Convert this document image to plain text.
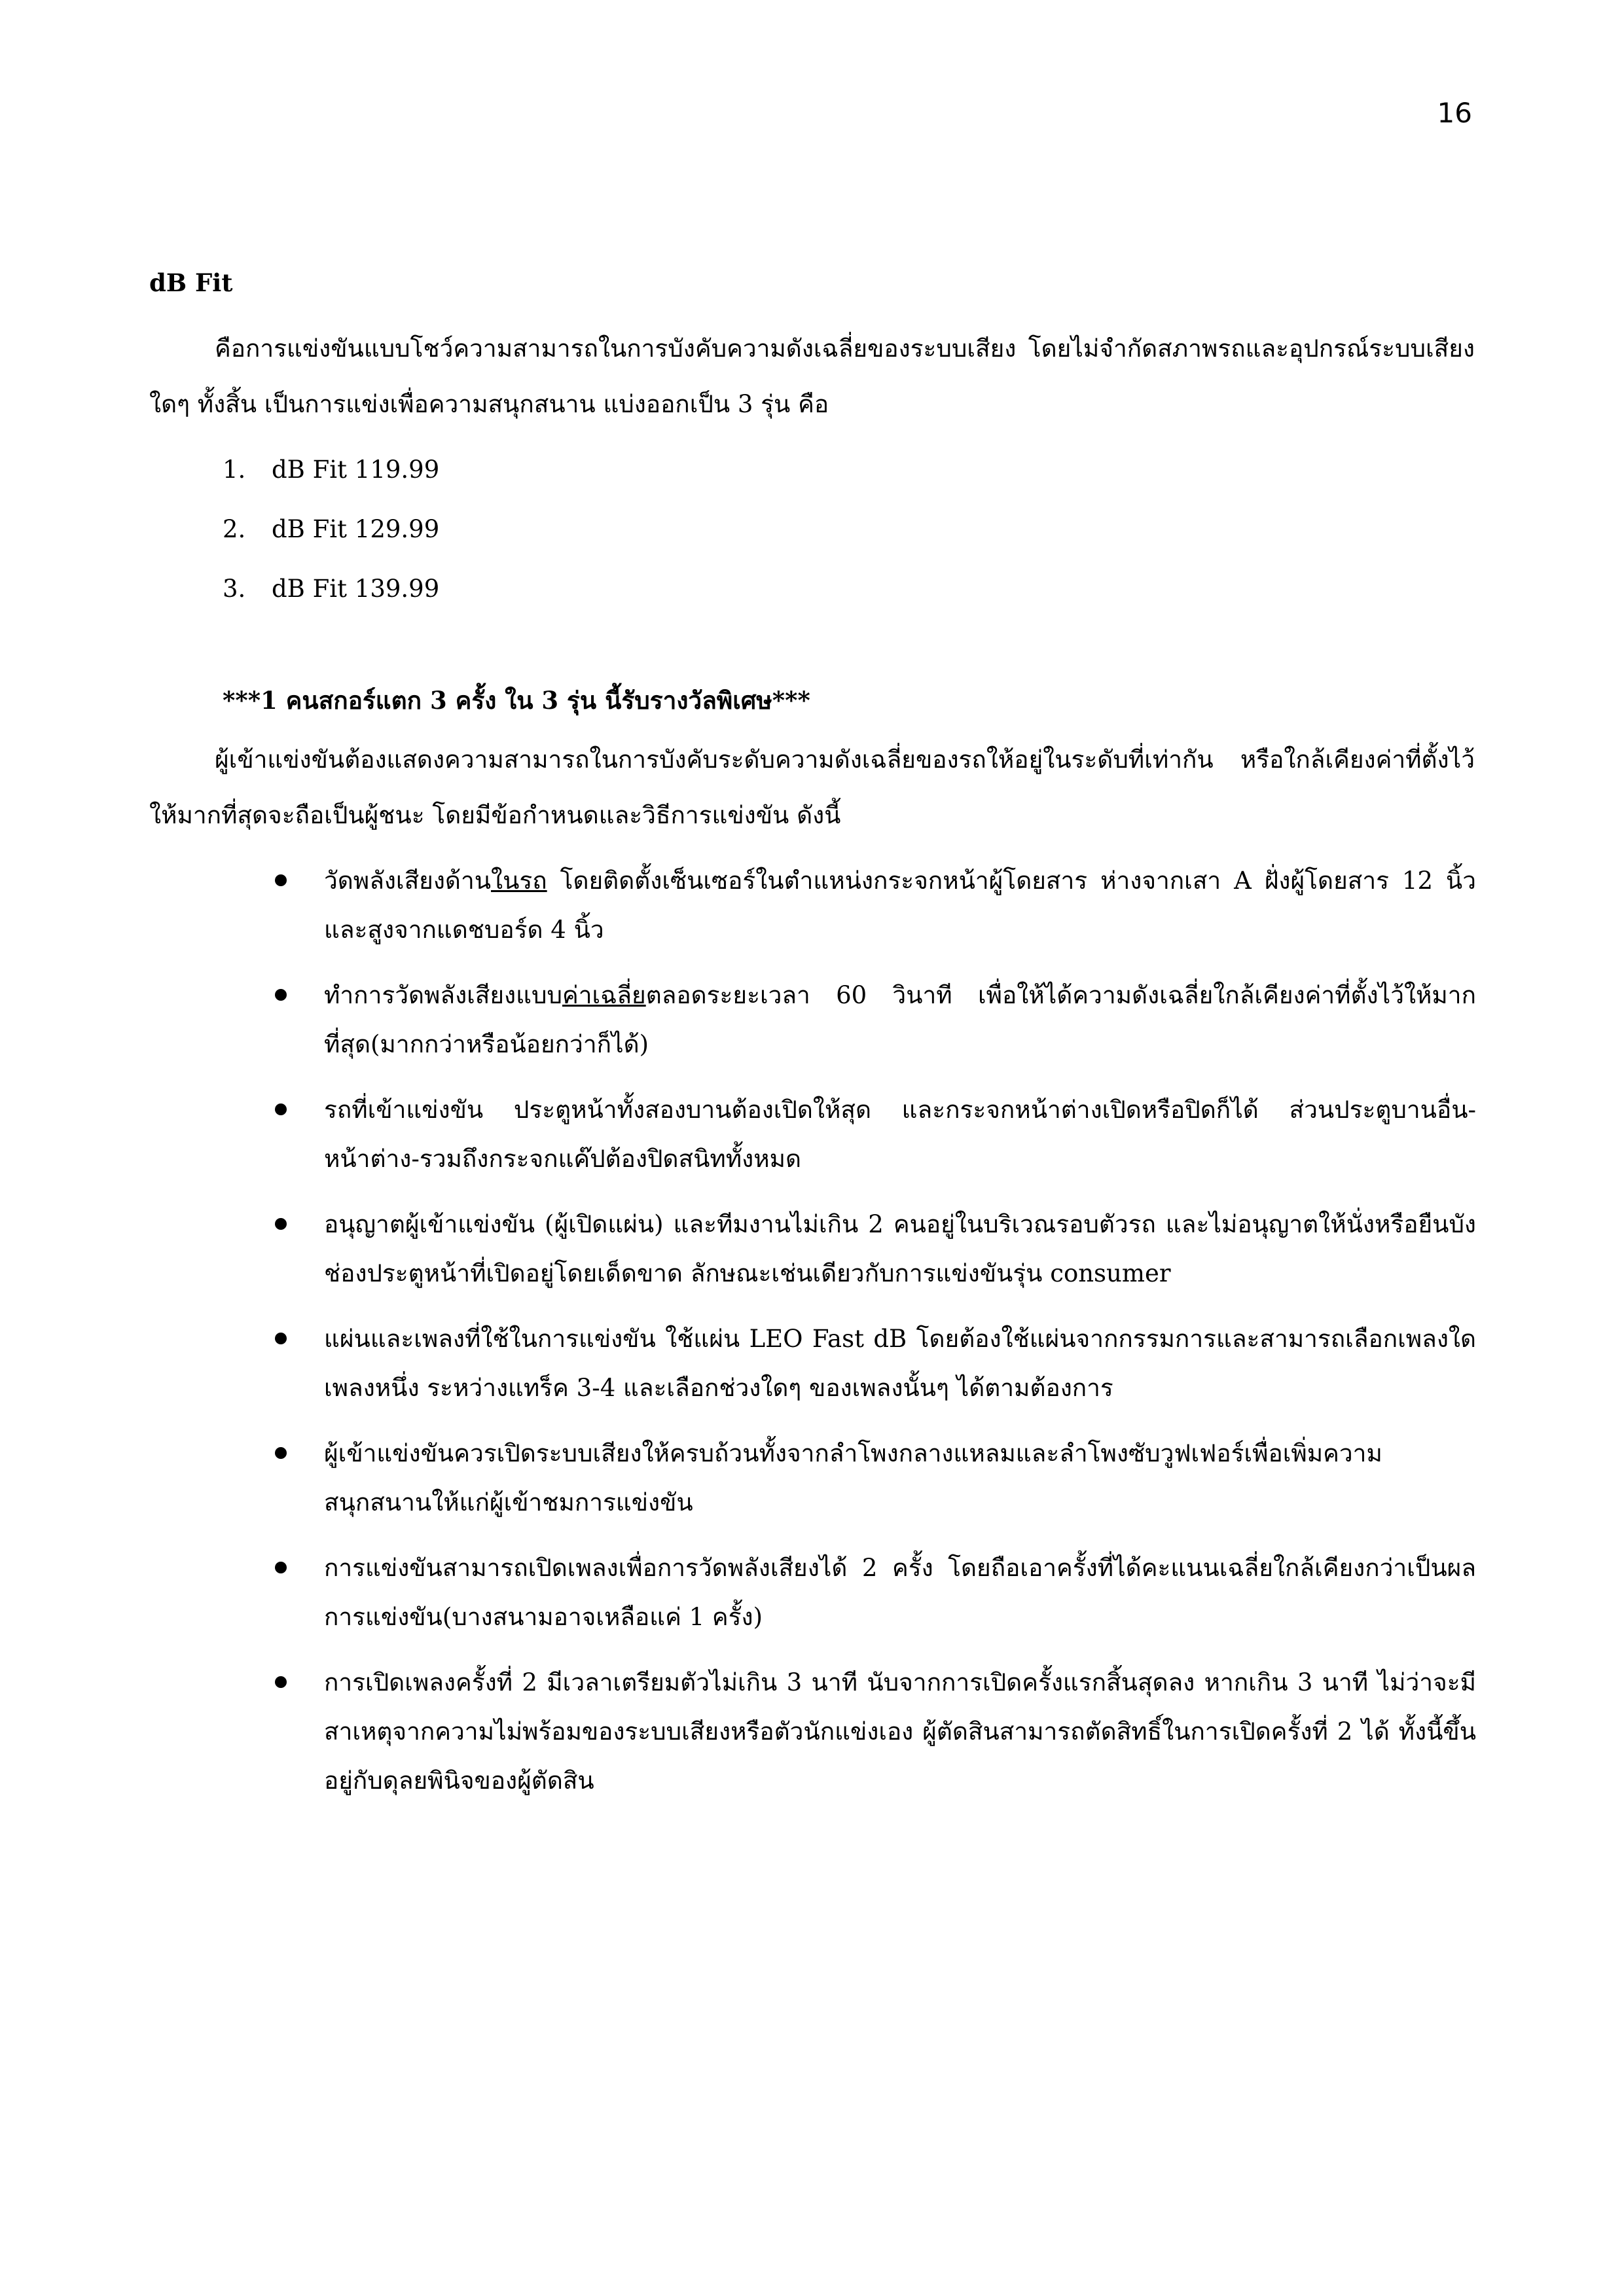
16
dB Fit

คือการแข่งขันแบบโชว์ความสามารถในการบังคับความดังเฉลี่ยของระบบเสียง โดยไม่จำกัดสภาพรถและอุปกรณ์ระบบเสียงใดๆ ทั้งสิ้น เป็นการแข่งเพื่อความสนุกสนาน แบ่งออกเป็น 3 รุ่น คือ

1.	dB Fit 119.99
2.	dB Fit 129.99
3.	dB Fit 139.99
***1 คนสกอร์แตก 3 ครั้ง ใน 3 รุ่น นี้รับรางวัลพิเศษ***

ผู้เข้าแข่งขันต้องแสดงความสามารถในการบังคับระดับความดังเฉลี่ยของรถให้อยู่ในระดับที่เท่ากัน หรือใกล้เคียงค่าที่ตั้งไว้ให้มากที่สุดจะถือเป็นผู้ชนะ โดยมีข้อกำหนดและวิธีการแข่งขัน ดังนี้

วัดพลังเสียงด้านในรถ โดยติดตั้งเซ็นเซอร์ในตำแหน่งกระจกหน้าผู้โดยสาร ห่างจากเสา A ฝั่งผู้โดยสาร 12 นิ้ว และสูงจากแดชบอร์ด 4 นิ้ว
ทำการวัดพลังเสียงแบบค่าเฉลี่ยตลอดระยะเวลา 60 วินาที เพื่อให้ได้ความดังเฉลี่ยใกล้เคียงค่าที่ตั้งไว้ให้มากที่สุด(มากกว่าหรือน้อยกว่าก็ได้)
รถที่เข้าแข่งขัน ประตูหน้าทั้งสองบานต้องเปิดให้สุด และกระจกหน้าต่างเปิดหรือปิดก็ได้ ส่วนประตูบานอื่น-หน้าต่าง-รวมถึงกระจกแค๊ปต้องปิดสนิททั้งหมด
อนุญาตผู้เข้าแข่งขัน (ผู้เปิดแผ่น) และทีมงานไม่เกิน 2 คนอยู่ในบริเวณรอบตัวรถ และไม่อนุญาตให้นั่งหรือยืนบังช่องประตูหน้าที่เปิดอยู่โดยเด็ดขาด ลักษณะเช่นเดียวกับการแข่งขันรุ่น consumer
แผ่นและเพลงที่ใช้ในการแข่งขัน ใช้แผ่น LEO Fast dB โดยต้องใช้แผ่นจากกรรมการและสามารถเลือกเพลงใดเพลงหนึ่ง ระหว่างแทร็ค 3-4 และเลือกช่วงใดๆ ของเพลงนั้นๆ ได้ตามต้องการ
ผู้เข้าแข่งขันควรเปิดระบบเสียงให้ครบถ้วนทั้งจากลำโพงกลางแหลมและลำโพงซับวูฟเฟอร์เพื่อเพิ่มความสนุกสนานให้แก่ผู้เข้าชมการแข่งขัน
การแข่งขันสามารถเปิดเพลงเพื่อการวัดพลังเสียงได้ 2 ครั้ง โดยถือเอาครั้งที่ได้คะแนนเฉลี่ยใกล้เคียงกว่าเป็นผลการแข่งขัน(บางสนามอาจเหลือแค่ 1 ครั้ง)
การเปิดเพลงครั้งที่ 2 มีเวลาเตรียมตัวไม่เกิน 3 นาที นับจากการเปิดครั้งแรกสิ้นสุดลง หากเกิน 3 นาที ไม่ว่าจะมีสาเหตุจากความไม่พร้อมของระบบเสียงหรือตัวนักแข่งเอง ผู้ตัดสินสามารถตัดสิทธิ์ในการเปิดครั้งที่ 2 ได้ ทั้งนี้ขึ้นอยู่กับดุลยพินิจของผู้ตัดสิน
